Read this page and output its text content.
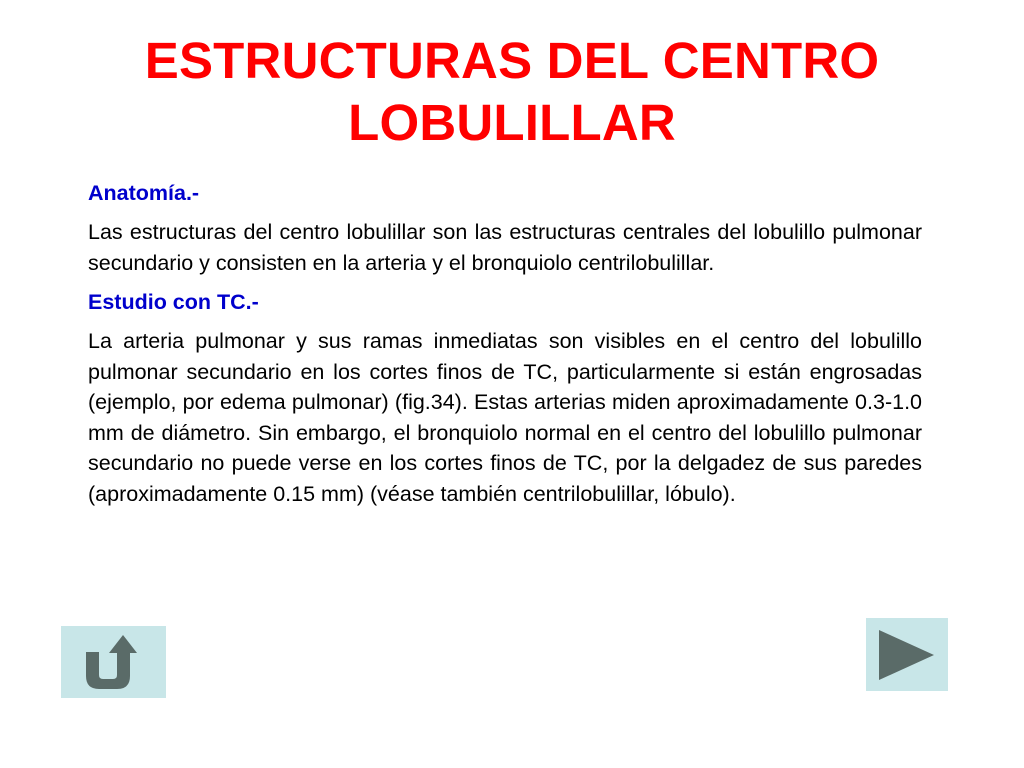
ESTRUCTURAS DEL CENTRO LOBULILLAR

Anatomía.-

Las estructuras del centro lobulillar son las estructuras centrales del lobulillo pulmonar secundario y consisten en la arteria y el bronquiolo centrilobulillar.

Estudio con TC.-

La arteria pulmonar y sus ramas inmediatas son visibles en el centro del lobulillo pulmonar secundario en los cortes finos de TC, particularmente si están engrosadas (ejemplo, por edema pulmonar) (fig.34). Estas arterias miden aproximadamente 0.3-1.0 mm de diámetro. Sin embargo, el bronquiolo normal en el centro del lobulillo pulmonar secundario no puede verse en los cortes finos de TC, por la delgadez de sus paredes (aproximadamente 0.15 mm) (véase también centrilobulillar, lóbulo).
